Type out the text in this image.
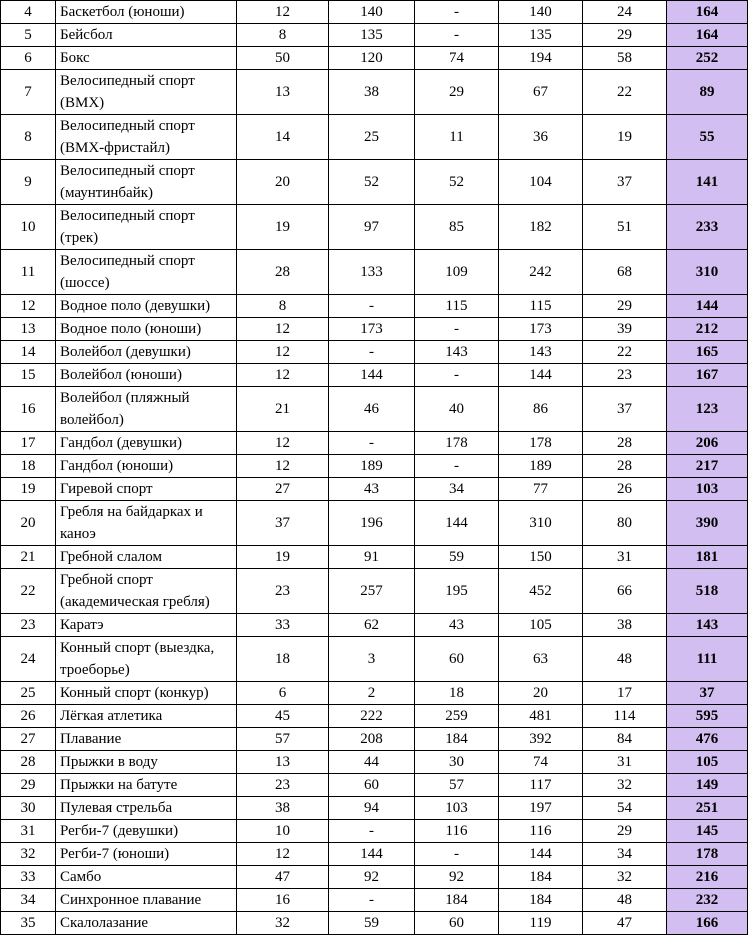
4	Баскетбол (юноши)	12	140	-	140	24	164
5	Бейсбол	8	135	-	135	29	164
6	Бокс	50	120	74	194	58	252
7	Велосипедный спорт
(BMX)	13	38	29	67	22	89
8	Велосипедный спорт
(BMX-фристайл)	14	25	11	36	19	55
9	Велосипедный спорт
(маунтинбайк)	20	52	52	104	37	141
10	Велосипедный спорт
(трек)	19	97	85	182	51	233
11	Велосипедный спорт
(шоссе)	28	133	109	242	68	310
12	Водное поло (девушки)	8	-	115	115	29	144
13	Водное поло (юноши)	12	173	-	173	39	212
14	Волейбол (девушки)	12	-	143	143	22	165
15	Волейбол (юноши)	12	144	-	144	23	167
16	Волейбол (пляжный
волейбол)	21	46	40	86	37	123
17	Гандбол (девушки)	12	-	178	178	28	206
18	Гандбол (юноши)	12	189	-	189	28	217
19	Гиревой спорт	27	43	34	77	26	103
20	Гребля на байдарках и
каноэ	37	196	144	310	80	390
21	Гребной слалом	19	91	59	150	31	181
22	Гребной спорт
(академическая гребля)	23	257	195	452	66	518
23	Каратэ	33	62	43	105	38	143
24	Конный спорт (выездка,
троеборье)	18	3	60	63	48	111
25	Конный спорт (конкур)	6	2	18	20	17	37
26	Лёгкая атлетика	45	222	259	481	114	595
27	Плавание	57	208	184	392	84	476
28	Прыжки в воду	13	44	30	74	31	105
29	Прыжки на батуте	23	60	57	117	32	149
30	Пулевая стрельба	38	94	103	197	54	251
31	Регби-7 (девушки)	10	-	116	116	29	145
32	Регби-7 (юноши)	12	144	-	144	34	178
33	Самбо	47	92	92	184	32	216
34	Синхронное плавание	16	-	184	184	48	232
35	Скалолазание	32	59	60	119	47	166
